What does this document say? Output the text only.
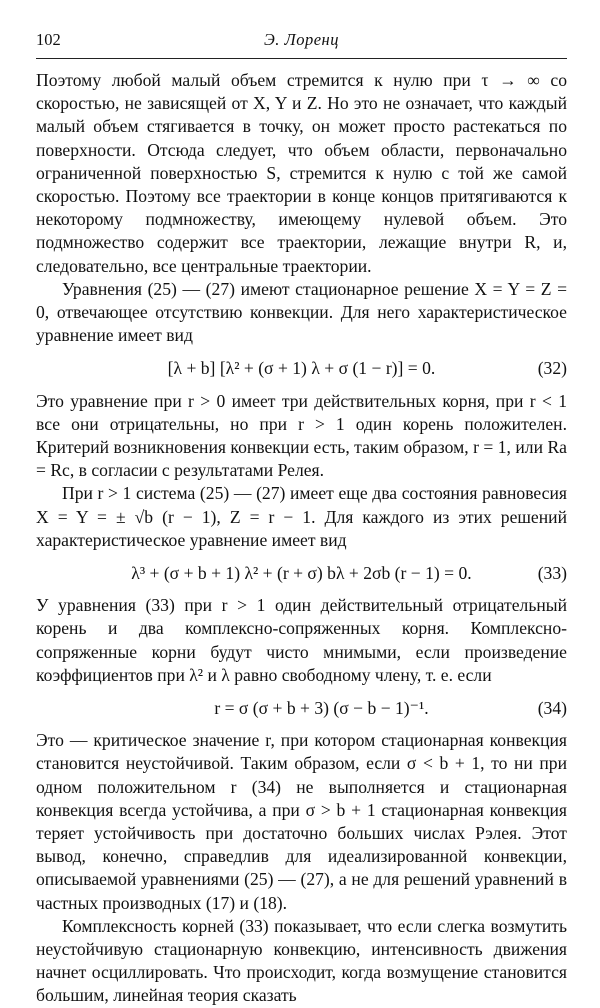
102	Э. Лоренц

Поэтому любой малый объем стремится к нулю при τ → ∞ со скоростью, не зависящей от X, Y и Z. Но это не означает, что каждый малый объем стягивается в точку, он может просто растекаться по поверхности. Отсюда следует, что объем области, первоначально ограниченной поверхностью S, стремится к нулю с той же самой скоростью. Поэтому все траектории в конце концов притягиваются к некоторому подмножеству, имеющему нулевой объем. Это подмножество содержит все траектории, лежащие внутри R, и, следовательно, все центральные траектории.

Уравнения (25) — (27) имеют стационарное решение X = Y = Z = 0, отвечающее отсутствию конвекции. Для него характеристическое уравнение имеет вид

[λ + b] [λ² + (σ + 1) λ + σ (1 − r)] = 0.	(32)

Это уравнение при r > 0 имеет три действительных корня, при r < 1 все они отрицательны, но при r > 1 один корень положителен. Критерий возникновения конвекции есть, таким образом, r = 1, или Ra = Rc, в согласии с результатами Релея.

При r > 1 система (25) — (27) имеет еще два состояния равновесия X = Y = ± √b (r − 1), Z = r − 1. Для каждого из этих решений характеристическое уравнение имеет вид

λ³ + (σ + b + 1) λ² + (r + σ) bλ + 2σb (r − 1) = 0.	(33)

У уравнения (33) при r > 1 один действительный отрицательный корень и два комплексно-сопряженных корня. Комплексно-сопряженные корни будут чисто мнимыми, если произведение коэффициентов при λ² и λ равно свободному члену, т. е. если

r = σ (σ + b + 3) (σ − b − 1)⁻¹.	(34)

Это — критическое значение r, при котором стационарная конвекция становится неустойчивой. Таким образом, если σ < b + 1, то ни при одном положительном r (34) не выполняется и стационарная конвекция всегда устойчива, а при σ > b + 1 стационарная конвекция теряет устойчивость при достаточно больших числах Рэлея. Этот вывод, конечно, справедлив для идеализированной конвекции, описываемой уравнениями (25) — (27), а не для решений уравнений в частных производных (17) и (18).

Комплексность корней (33) показывает, что если слегка возмутить неустойчивую стационарную конвекцию, интенсивность движения начнет осциллировать. Что происходит, когда возмущение становится большим, линейная теория сказать
